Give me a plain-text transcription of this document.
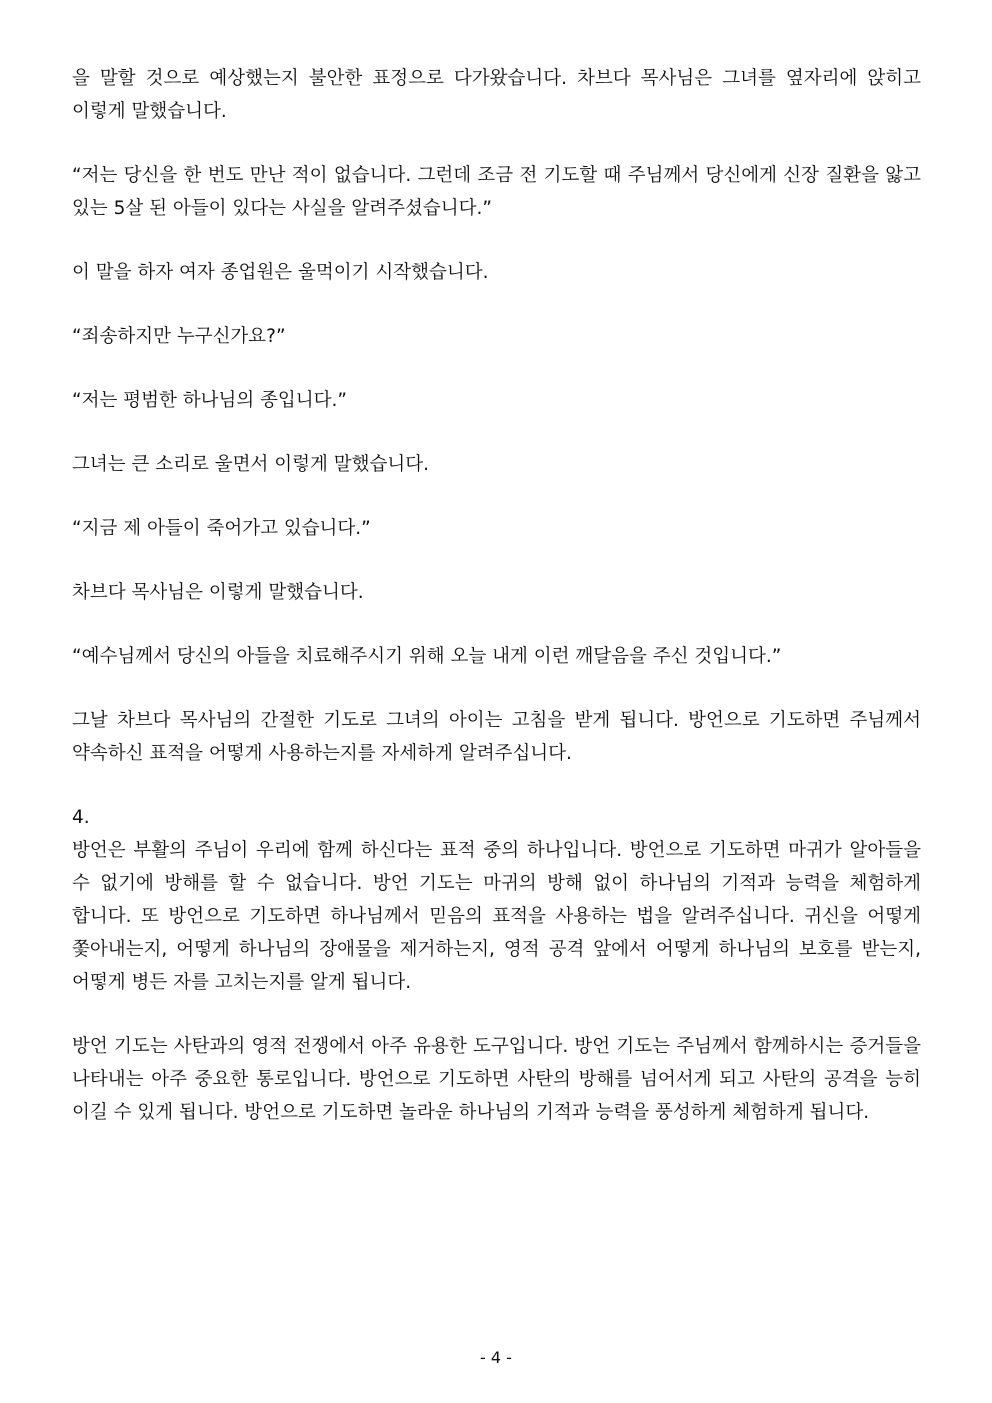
을 말할 것으로 예상했는지 불안한 표정으로 다가왔습니다. 차브다 목사님은 그녀를 옆자리에 앉히고 이렇게 말했습니다.

“저는 당신을 한 번도 만난 적이 없습니다. 그런데 조금 전 기도할 때 주님께서 당신에게 신장 질환을 앓고 있는 5살 된 아들이 있다는 사실을 알려주셨습니다.”

이 말을 하자 여자 종업원은 울먹이기 시작했습니다.

“죄송하지만 누구신가요?”

“저는 평범한 하나님의 종입니다.”

그녀는 큰 소리로 울면서 이렇게 말했습니다.

“지금 제 아들이 죽어가고 있습니다.”

차브다 목사님은 이렇게 말했습니다.

“예수님께서 당신의 아들을 치료해주시기 위해 오늘 내게 이런 깨달음을 주신 것입니다.”

그날 차브다 목사님의 간절한 기도로 그녀의 아이는 고침을 받게 됩니다. 방언으로 기도하면 주님께서 약속하신 표적을 어떻게 사용하는지를 자세하게 알려주십니다.

4.

방언은 부활의 주님이 우리에 함께 하신다는 표적 중의 하나입니다. 방언으로 기도하면 마귀가 알아들을 수 없기에 방해를 할 수 없습니다. 방언 기도는 마귀의 방해 없이 하나님의 기적과 능력을 체험하게 합니다. 또 방언으로 기도하면 하나님께서 믿음의 표적을 사용하는 법을 알려주십니다. 귀신을 어떻게 쫓아내는지, 어떻게 하나님의 장애물을 제거하는지, 영적 공격 앞에서 어떻게 하나님의 보호를 받는지, 어떻게 병든 자를 고치는지를 알게 됩니다.

방언 기도는 사탄과의 영적 전쟁에서 아주 유용한 도구입니다. 방언 기도는 주님께서 함께하시는 증거들을 나타내는 아주 중요한 통로입니다. 방언으로 기도하면 사탄의 방해를 넘어서게 되고 사탄의 공격을 능히 이길 수 있게 됩니다. 방언으로 기도하면 놀라운 하나님의 기적과 능력을 풍성하게 체험하게 됩니다.

- 4 -
